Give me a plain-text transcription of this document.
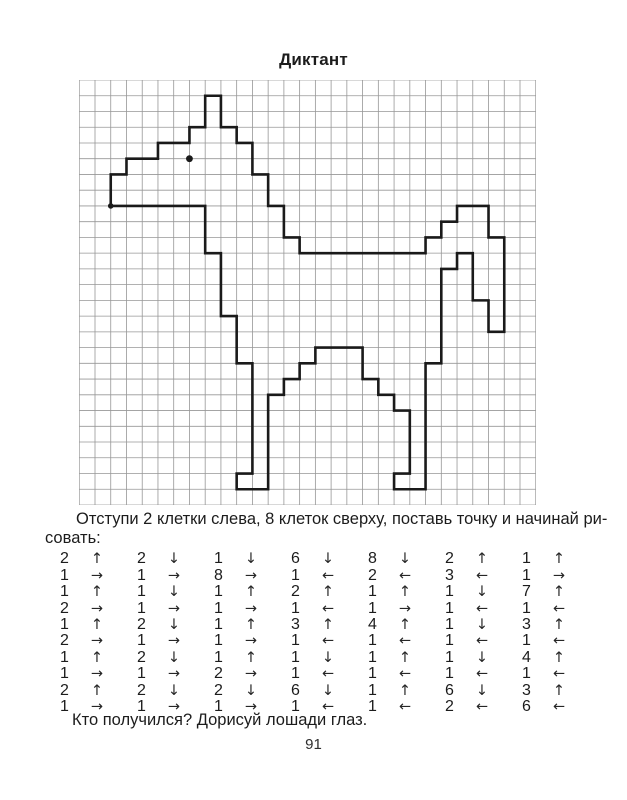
Диктант
Отступи 2 клетки слева, 8 клеток сверху, поставь точку и начинай ри-
совать:
2	↑	2	↓	1	↓	6	↓	8	↓	2	↑	1	↑
1	→	1	→	8	→	1	←	2	←	3	←	1	→
1	↑	1	↓	1	↑	2	↑	1	↑	1	↓	7	↑
2	→	1	→	1	→	1	←	1	→	1	←	1	←
1	↑	2	↓	1	↑	3	↑	4	↑	1	↓	3	↑
2	→	1	→	1	→	1	←	1	←	1	←	1	←
1	↑	2	↓	1	↑	1	↓	1	↑	1	↓	4	↑
1	→	1	→	2	→	1	←	1	←	1	←	1	←
2	↑	2	↓	2	↓	6	↓	1	↑	6	↓	3	↑
1	→	1	→	1	→	1	←	1	←	2	←	6	←
Кто получился? Дорисуй лошади глаз.
91
